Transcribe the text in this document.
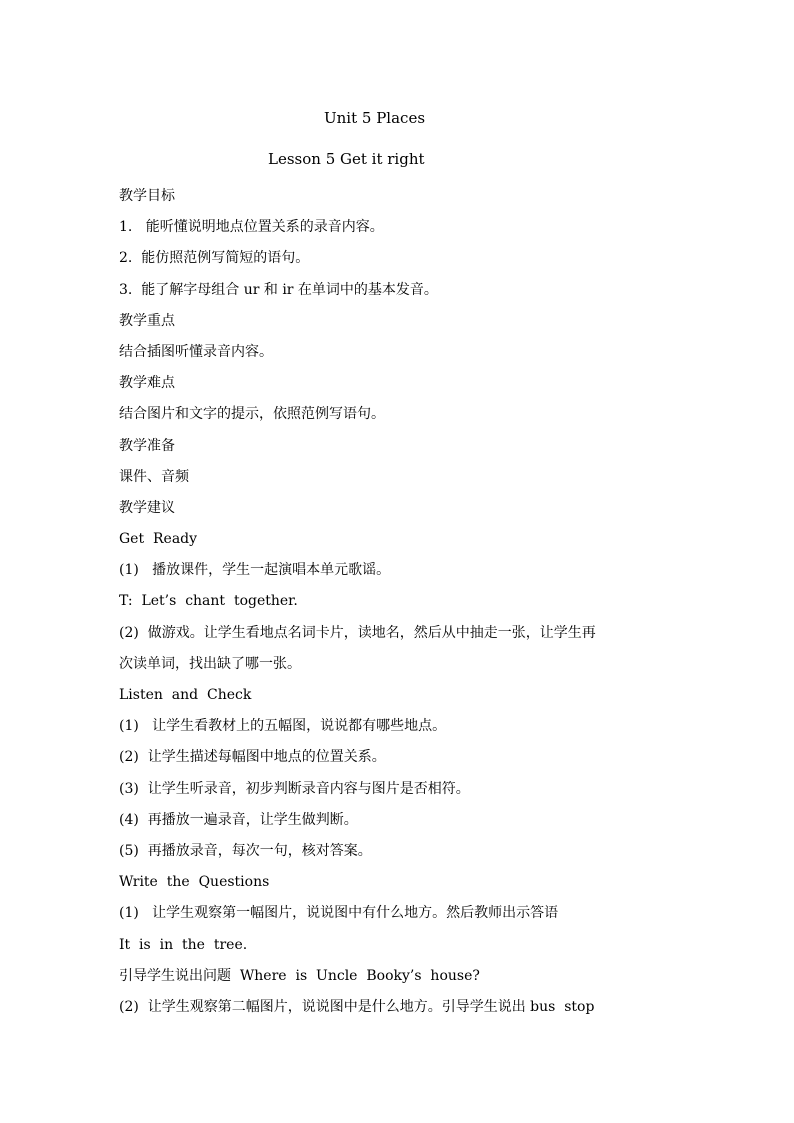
Unit 5 Places
Lesson 5 Get it right
教学目标
1.   能听懂说明地点位置关系的录音内容。
2.  能仿照范例写简短的语句。
3.  能了解字母组合 ur 和 ir 在单词中的基本发音。
教学重点
结合插图听懂录音内容。
教学难点
结合图片和文字的提示，依照范例写语句。
教学准备
课件、音频
教学建议
Get  Ready
(1)   播放课件，学生一起演唱本单元歌谣。
T:  Let’s  chant  together.
(2)  做游戏。让学生看地点名词卡片，读地名，然后从中抽走一张，让学生再
次读单词，找出缺了哪一张。
Listen  and  Check
(1)   让学生看教材上的五幅图，说说都有哪些地点。
(2)  让学生描述每幅图中地点的位置关系。
(3)  让学生听录音，初步判断录音内容与图片是否相符。
(4)  再播放一遍录音，让学生做判断。
(5)  再播放录音，每次一句，核对答案。
Write  the  Questions
(1)   让学生观察第一幅图片，说说图中有什么地方。然后教师出示答语
It  is  in  the  tree.
引导学生说出问题  Where  is  Uncle  Booky’s  house?
(2)  让学生观察第二幅图片，说说图中是什么地方。引导学生说出 bus  stop
